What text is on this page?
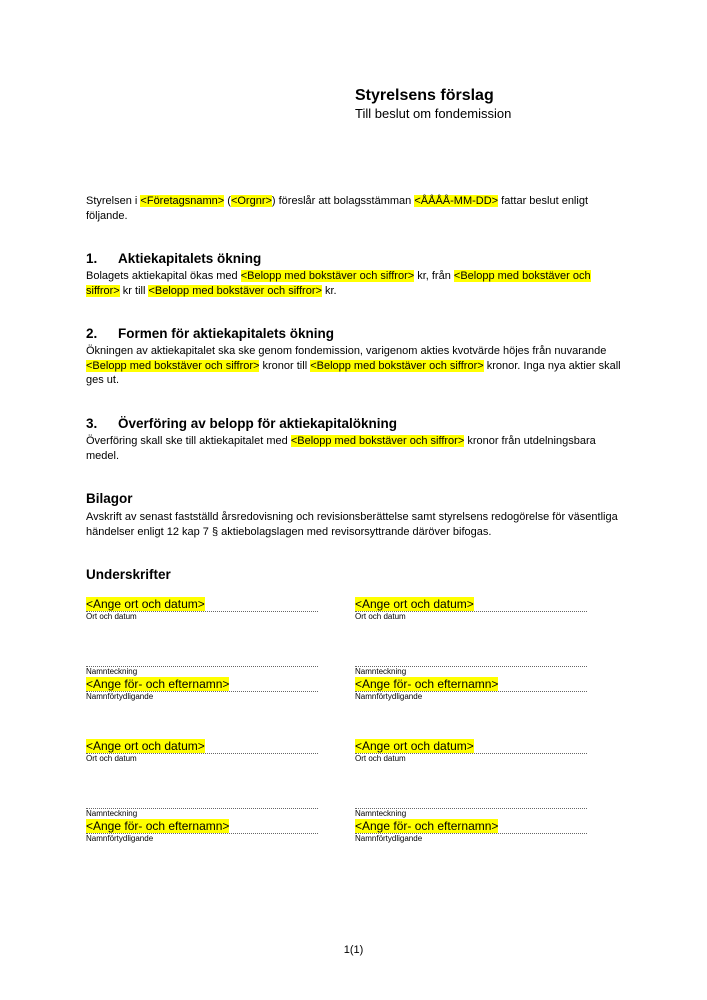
Styrelsens förslag
Till beslut om fondemission
Styrelsen i <Företagsnamn> (<Orgnr>) föreslår att bolagsstämman <ÅÅÅÅ-MM-DD> fattar beslut enligt följande.
1.	Aktiekapitalets ökning
Bolagets aktiekapital ökas med <Belopp med bokstäver och siffror> kr, från <Belopp med bokstäver och siffror> kr till <Belopp med bokstäver och siffror> kr.
2.	Formen för aktiekapitalets ökning
Ökningen av aktiekapitalet ska ske genom fondemission, varigenom akties kvotvärde höjes från nuvarande <Belopp med bokstäver och siffror> kronor till <Belopp med bokstäver och siffror> kronor. Inga nya aktier skall ges ut.
3.	Överföring av belopp för aktiekapitalökning
Överföring skall ske till aktiekapitalet med <Belopp med bokstäver och siffror> kronor från utdelningsbara medel.
Bilagor
Avskrift av senast fastställd årsredovisning och revisionsberättelse samt styrelsens redogörelse för väsentliga händelser enligt 12 kap 7 § aktiebolagslagen med revisorsyttrande däröver bifogas.
Underskrifter
<Ange ort och datum>
Ort och datum
Namnteckning
<Ange för- och efternamn>
Namnförtydligande
<Ange ort och datum>
Ort och datum
Namnteckning
<Ange för- och efternamn>
Namnförtydligande
<Ange ort och datum>
Ort och datum
Namnteckning
<Ange för- och efternamn>
Namnförtydligande
<Ange ort och datum>
Ort och datum
Namnteckning
<Ange för- och efternamn>
Namnförtydligande
1(1)
